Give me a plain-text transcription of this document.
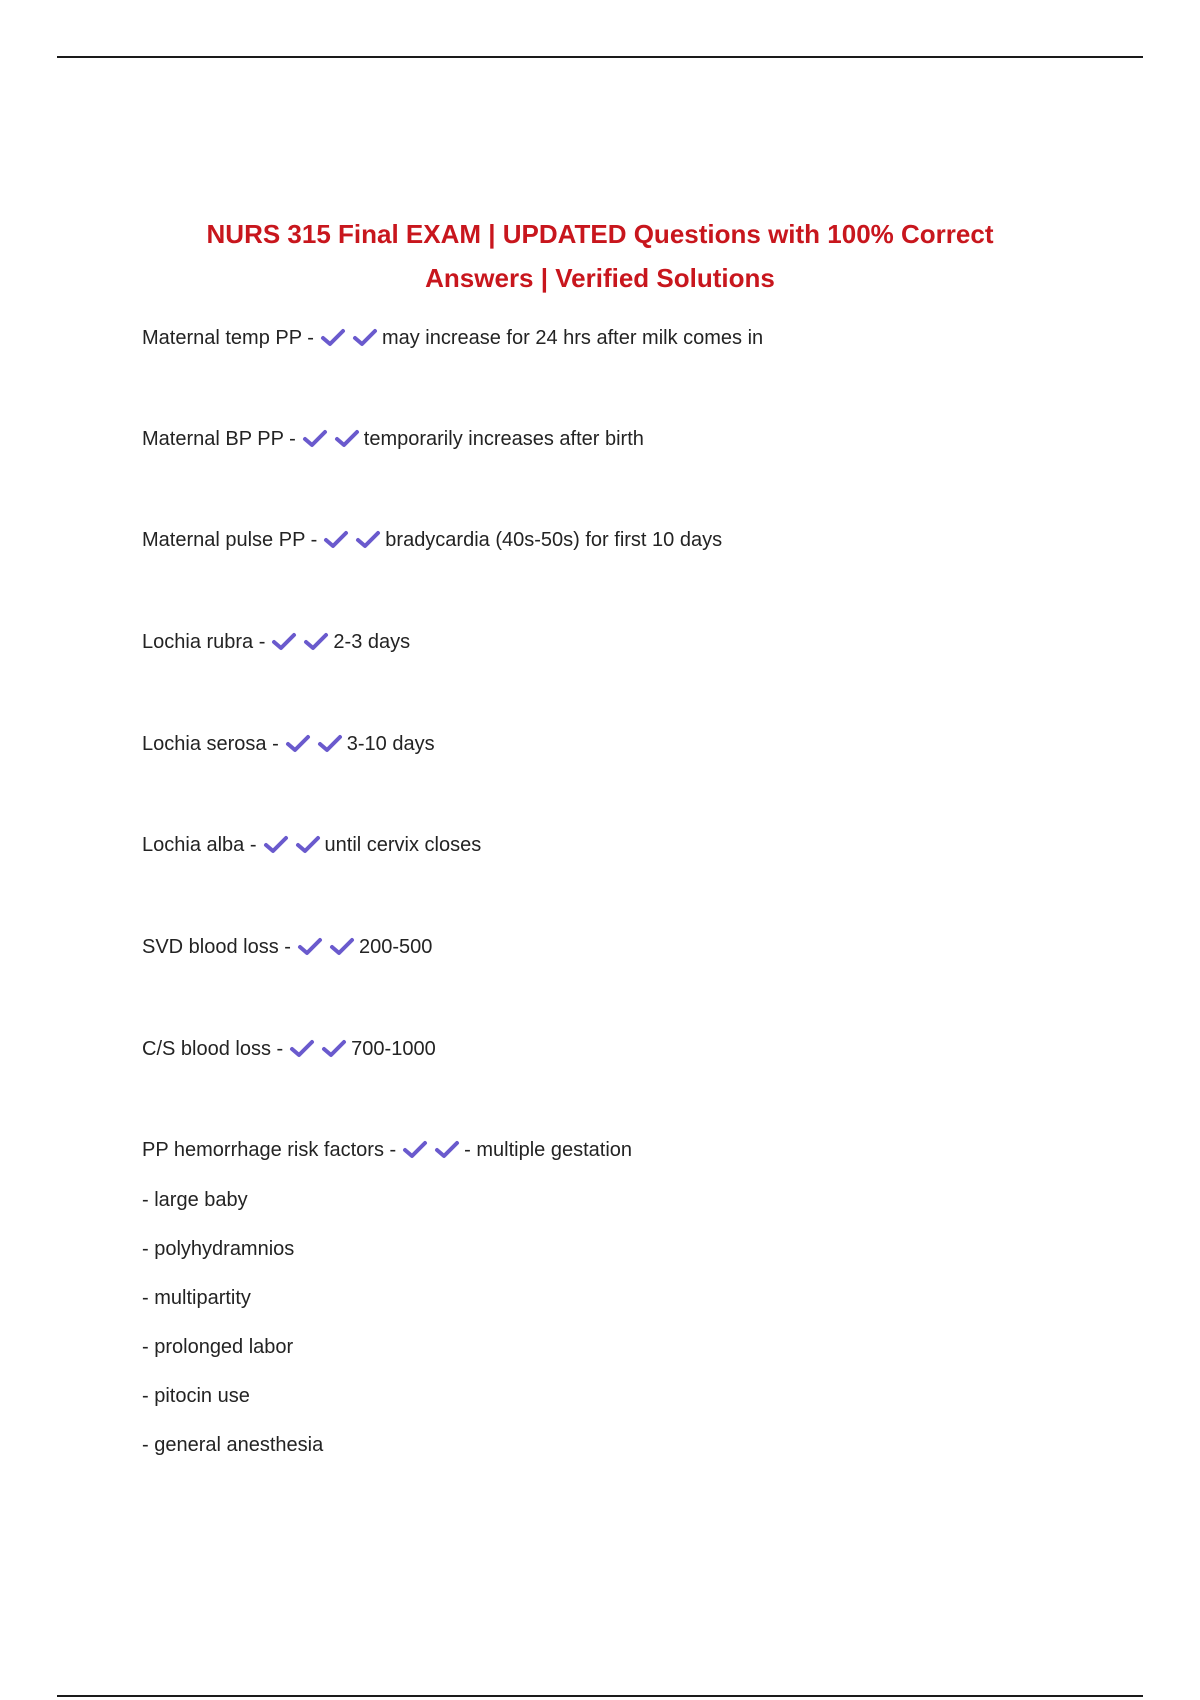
NURS 315 Final EXAM | UPDATED Questions with 100% Correct
Answers | Verified Solutions
Maternal temp PP -	may increase for 24 hrs after milk comes in
Maternal BP PP -	temporarily increases after birth
Maternal pulse PP -	bradycardia (40s-50s) for first 10 days
Lochia rubra -	2-3 days
Lochia serosa -	3-10 days
Lochia alba -	until cervix closes
SVD blood loss -	200-500
C/S blood loss -	700-1000
PP hemorrhage risk factors -	- multiple gestation
- large baby
- polyhydramnios
- multipartity
- prolonged labor
- pitocin use
- general anesthesia
